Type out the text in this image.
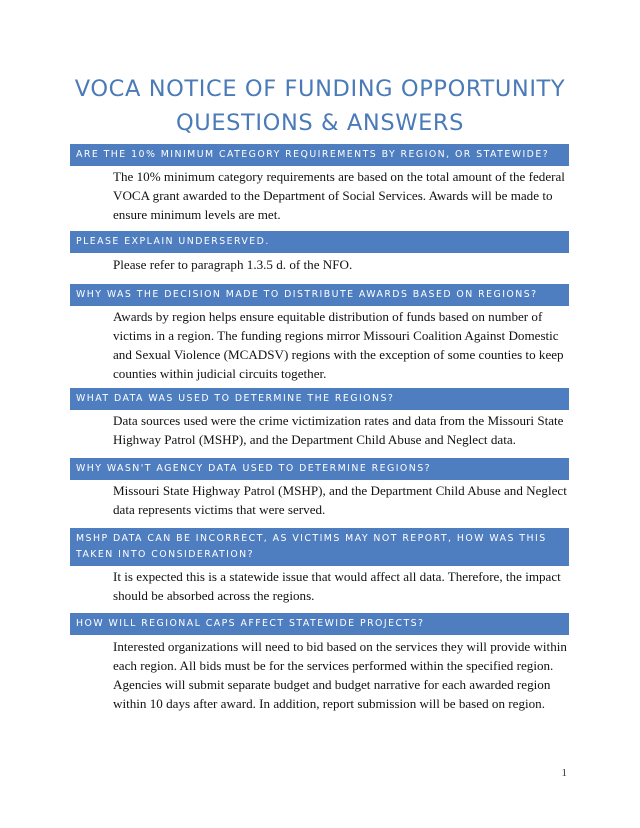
VOCA NOTICE OF FUNDING OPPORTUNITY
QUESTIONS & ANSWERS
ARE THE 10% MINIMUM CATEGORY REQUIREMENTS BY REGION, OR STATEWIDE?
The 10% minimum category requirements are based on the total amount of the federal VOCA grant awarded to the Department of Social Services. Awards will be made to ensure minimum levels are met.
PLEASE EXPLAIN UNDERSERVED.
Please refer to paragraph 1.3.5 d. of the NFO.
WHY WAS THE DECISION MADE TO DISTRIBUTE AWARDS BASED ON REGIONS?
Awards by region helps ensure equitable distribution of funds based on number of victims in a region. The funding regions mirror Missouri Coalition Against Domestic and Sexual Violence (MCADSV) regions with the exception of some counties to keep counties within judicial circuits together.
WHAT DATA WAS USED TO DETERMINE THE REGIONS?
Data sources used were the crime victimization rates and data from the Missouri State Highway Patrol (MSHP), and the Department Child Abuse and Neglect data.
WHY WASN'T AGENCY DATA USED TO DETERMINE REGIONS?
Missouri State Highway Patrol (MSHP), and the Department Child Abuse and Neglect data represents victims that were served.
MSHP DATA CAN BE INCORRECT, AS VICTIMS MAY NOT REPORT, HOW WAS THIS TAKEN INTO CONSIDERATION?
It is expected this is a statewide issue that would affect all data. Therefore, the impact should be absorbed across the regions.
HOW WILL REGIONAL CAPS AFFECT STATEWIDE PROJECTS?
Interested organizations will need to bid based on the services they will provide within each region. All bids must be for the services performed within the specified region. Agencies will submit separate budget and budget narrative for each awarded region within 10 days after award. In addition, report submission will be based on region.
1
